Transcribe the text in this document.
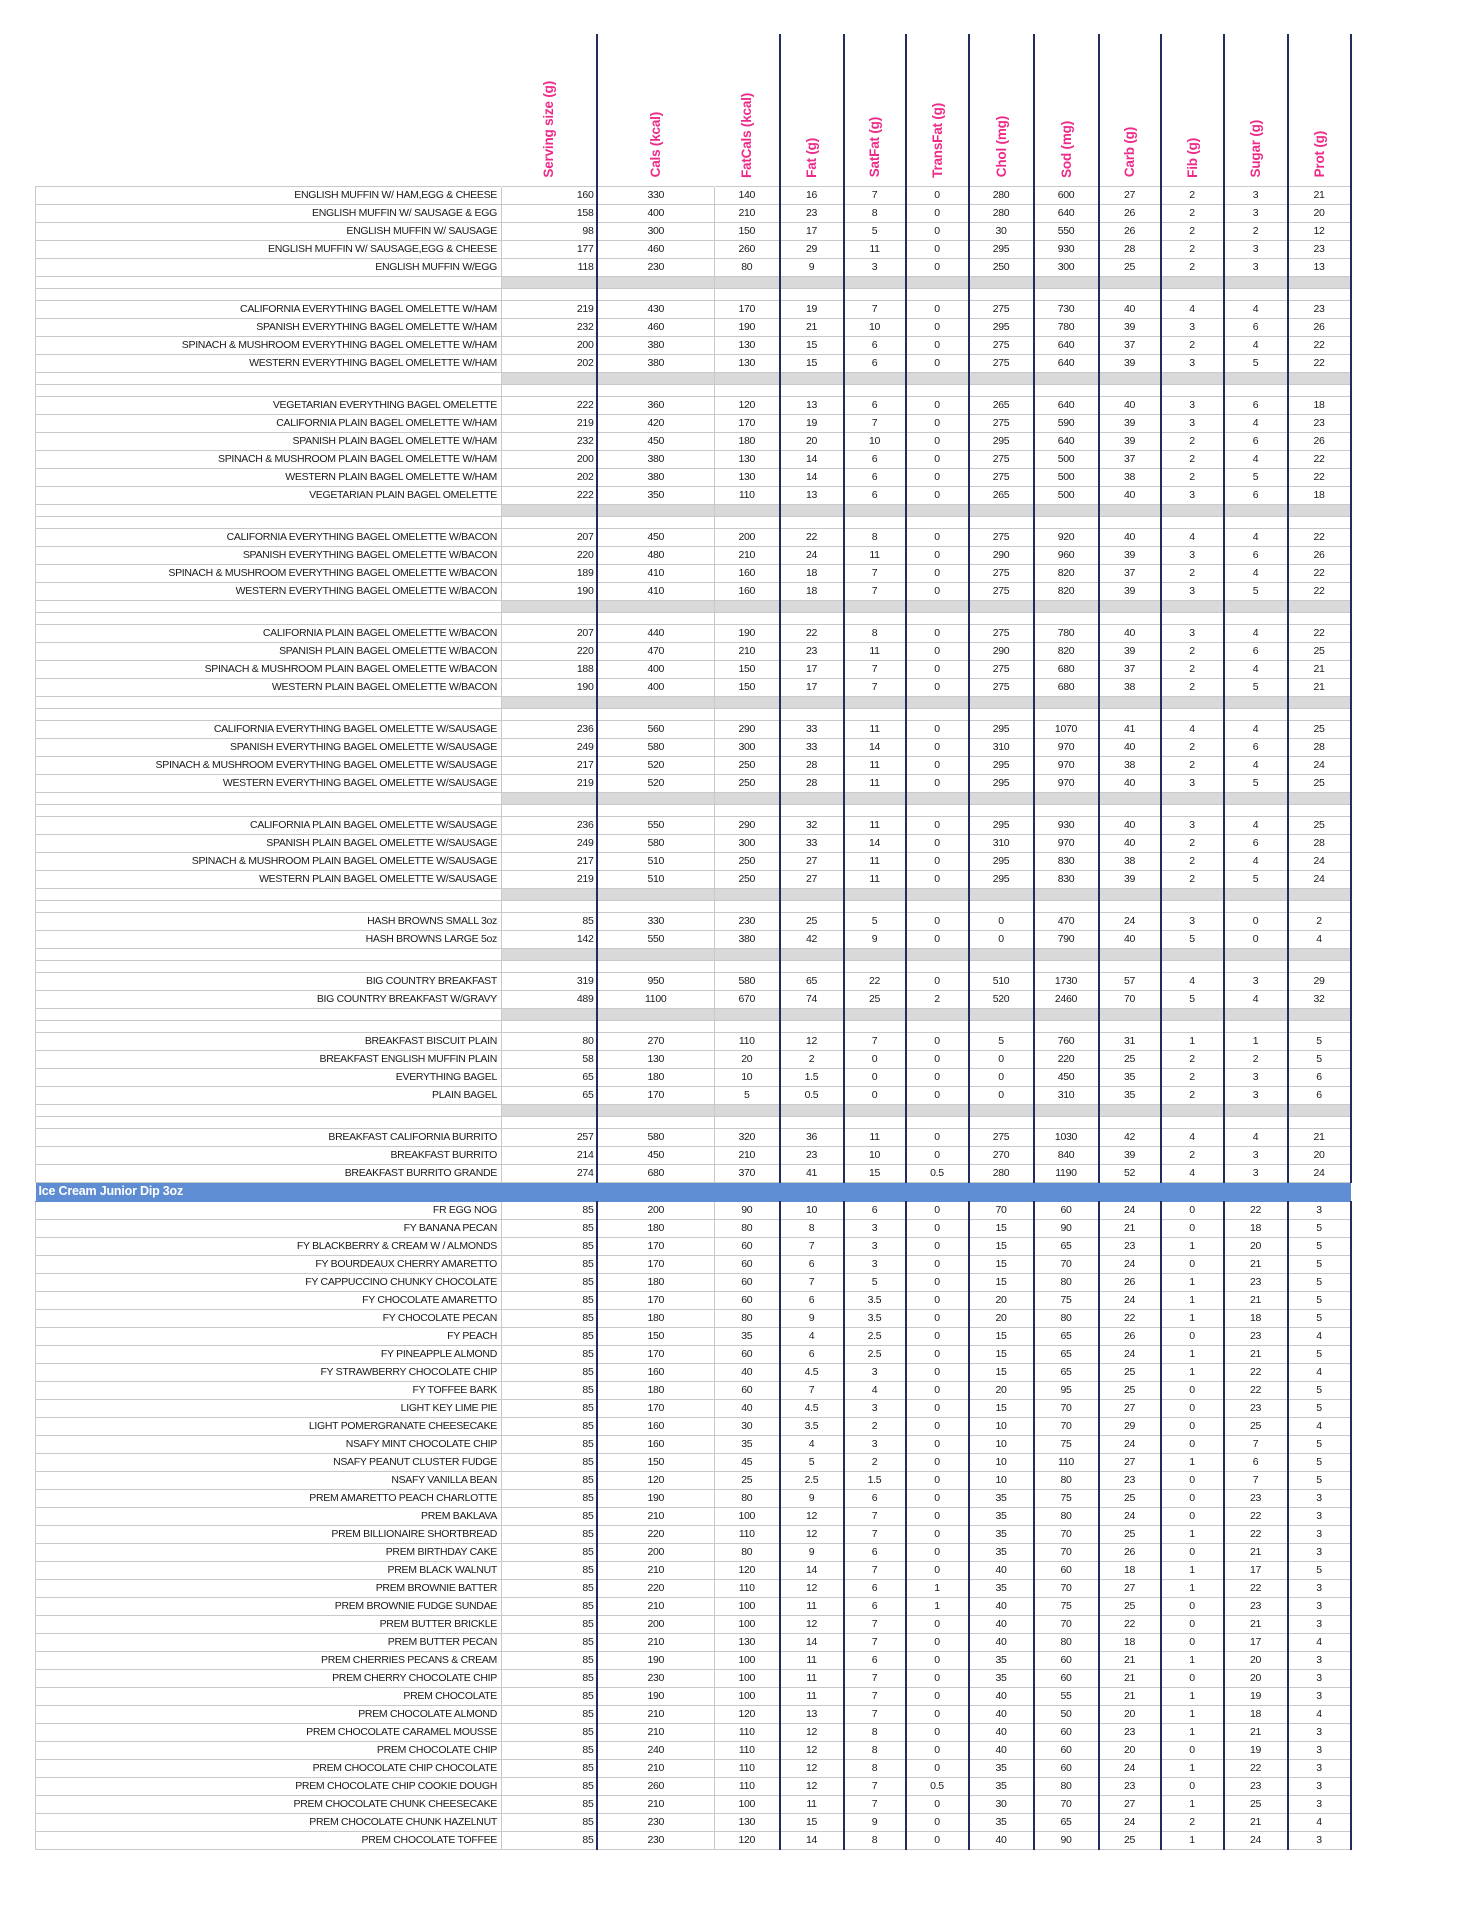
	Serving size (g)	Cals (kcal)	FatCals (kcal)	Fat (g)	SatFat (g)	TransFat (g)	Chol (mg)	Sod (mg)	Carb (g)	Fib (g)	Sugar (g)	Prot (g)
ENGLISH MUFFIN W/ HAM,EGG & CHEESE	160	330	140	16	7	0	280	600	27	2	3	21
ENGLISH MUFFIN W/ SAUSAGE & EGG	158	400	210	23	8	0	280	640	26	2	3	20
ENGLISH MUFFIN W/ SAUSAGE	98	300	150	17	5	0	30	550	26	2	2	12
ENGLISH MUFFIN W/ SAUSAGE,EGG & CHEESE	177	460	260	29	11	0	295	930	28	2	3	23
ENGLISH MUFFIN W/EGG	118	230	80	9	3	0	250	300	25	2	3	13

CALIFORNIA EVERYTHING BAGEL OMELETTE W/HAM	219	430	170	19	7	0	275	730	40	4	4	23
SPANISH EVERYTHING BAGEL OMELETTE W/HAM	232	460	190	21	10	0	295	780	39	3	6	26
SPINACH & MUSHROOM EVERYTHING BAGEL OMELETTE W/HAM	200	380	130	15	6	0	275	640	37	2	4	22
WESTERN EVERYTHING BAGEL OMELETTE W/HAM	202	380	130	15	6	0	275	640	39	3	5	22

VEGETARIAN EVERYTHING BAGEL OMELETTE	222	360	120	13	6	0	265	640	40	3	6	18
CALIFORNIA PLAIN BAGEL OMELETTE W/HAM	219	420	170	19	7	0	275	590	39	3	4	23
SPANISH PLAIN BAGEL OMELETTE W/HAM	232	450	180	20	10	0	295	640	39	2	6	26
SPINACH & MUSHROOM PLAIN BAGEL OMELETTE W/HAM	200	380	130	14	6	0	275	500	37	2	4	22
WESTERN PLAIN BAGEL OMELETTE W/HAM	202	380	130	14	6	0	275	500	38	2	5	22
VEGETARIAN PLAIN BAGEL OMELETTE	222	350	110	13	6	0	265	500	40	3	6	18

CALIFORNIA EVERYTHING BAGEL OMELETTE W/BACON	207	450	200	22	8	0	275	920	40	4	4	22
SPANISH EVERYTHING BAGEL OMELETTE W/BACON	220	480	210	24	11	0	290	960	39	3	6	26
SPINACH & MUSHROOM EVERYTHING BAGEL OMELETTE W/BACON	189	410	160	18	7	0	275	820	37	2	4	22
WESTERN EVERYTHING BAGEL OMELETTE W/BACON	190	410	160	18	7	0	275	820	39	3	5	22

CALIFORNIA PLAIN BAGEL OMELETTE W/BACON	207	440	190	22	8	0	275	780	40	3	4	22
SPANISH PLAIN BAGEL OMELETTE W/BACON	220	470	210	23	11	0	290	820	39	2	6	25
SPINACH & MUSHROOM PLAIN BAGEL OMELETTE W/BACON	188	400	150	17	7	0	275	680	37	2	4	21
WESTERN PLAIN BAGEL OMELETTE W/BACON	190	400	150	17	7	0	275	680	38	2	5	21

CALIFORNIA EVERYTHING BAGEL OMELETTE W/SAUSAGE	236	560	290	33	11	0	295	1070	41	4	4	25
SPANISH EVERYTHING BAGEL OMELETTE W/SAUSAGE	249	580	300	33	14	0	310	970	40	2	6	28
SPINACH & MUSHROOM EVERYTHING BAGEL OMELETTE W/SAUSAGE	217	520	250	28	11	0	295	970	38	2	4	24
WESTERN EVERYTHING BAGEL OMELETTE W/SAUSAGE	219	520	250	28	11	0	295	970	40	3	5	25

CALIFORNIA PLAIN BAGEL OMELETTE W/SAUSAGE	236	550	290	32	11	0	295	930	40	3	4	25
SPANISH PLAIN BAGEL OMELETTE W/SAUSAGE	249	580	300	33	14	0	310	970	40	2	6	28
SPINACH & MUSHROOM PLAIN BAGEL OMELETTE W/SAUSAGE	217	510	250	27	11	0	295	830	38	2	4	24
WESTERN PLAIN BAGEL OMELETTE W/SAUSAGE	219	510	250	27	11	0	295	830	39	2	5	24

HASH BROWNS SMALL 3oz	85	330	230	25	5	0	0	470	24	3	0	2
HASH BROWNS LARGE 5oz	142	550	380	42	9	0	0	790	40	5	0	4

BIG COUNTRY BREAKFAST	319	950	580	65	22	0	510	1730	57	4	3	29
BIG COUNTRY BREAKFAST W/GRAVY	489	1100	670	74	25	2	520	2460	70	5	4	32

BREAKFAST BISCUIT PLAIN	80	270	110	12	7	0	5	760	31	1	1	5
BREAKFAST ENGLISH MUFFIN PLAIN	58	130	20	2	0	0	0	220	25	2	2	5
EVERYTHING BAGEL	65	180	10	1.5	0	0	0	450	35	2	3	6
PLAIN BAGEL	65	170	5	0.5	0	0	0	310	35	2	3	6

BREAKFAST CALIFORNIA BURRITO	257	580	320	36	11	0	275	1030	42	4	4	21
BREAKFAST BURRITO	214	450	210	23	10	0	270	840	39	2	3	20
BREAKFAST BURRITO GRANDE	274	680	370	41	15	0.5	280	1190	52	4	3	24
Ice Cream Junior Dip 3oz												
FR EGG NOG	85	200	90	10	6	0	70	60	24	0	22	3
FY BANANA PECAN	85	180	80	8	3	0	15	90	21	0	18	5
FY BLACKBERRY & CREAM W / ALMONDS	85	170	60	7	3	0	15	65	23	1	20	5
FY BOURDEAUX CHERRY AMARETTO	85	170	60	6	3	0	15	70	24	0	21	5
FY CAPPUCCINO CHUNKY CHOCOLATE	85	180	60	7	5	0	15	80	26	1	23	5
FY CHOCOLATE AMARETTO	85	170	60	6	3.5	0	20	75	24	1	21	5
FY CHOCOLATE PECAN	85	180	80	9	3.5	0	20	80	22	1	18	5
FY PEACH	85	150	35	4	2.5	0	15	65	26	0	23	4
FY PINEAPPLE ALMOND	85	170	60	6	2.5	0	15	65	24	1	21	5
FY STRAWBERRY CHOCOLATE CHIP	85	160	40	4.5	3	0	15	65	25	1	22	4
FY TOFFEE BARK	85	180	60	7	4	0	20	95	25	0	22	5
LIGHT KEY LIME PIE	85	170	40	4.5	3	0	15	70	27	0	23	5
LIGHT POMERGRANATE CHEESECAKE	85	160	30	3.5	2	0	10	70	29	0	25	4
NSAFY MINT CHOCOLATE CHIP	85	160	35	4	3	0	10	75	24	0	7	5
NSAFY PEANUT CLUSTER FUDGE	85	150	45	5	2	0	10	110	27	1	6	5
NSAFY VANILLA BEAN	85	120	25	2.5	1.5	0	10	80	23	0	7	5
PREM AMARETTO PEACH CHARLOTTE	85	190	80	9	6	0	35	75	25	0	23	3
PREM BAKLAVA	85	210	100	12	7	0	35	80	24	0	22	3
PREM BILLIONAIRE SHORTBREAD	85	220	110	12	7	0	35	70	25	1	22	3
PREM BIRTHDAY CAKE	85	200	80	9	6	0	35	70	26	0	21	3
PREM BLACK WALNUT	85	210	120	14	7	0	40	60	18	1	17	5
PREM BROWNIE BATTER	85	220	110	12	6	1	35	70	27	1	22	3
PREM BROWNIE FUDGE SUNDAE	85	210	100	11	6	1	40	75	25	0	23	3
PREM BUTTER BRICKLE	85	200	100	12	7	0	40	70	22	0	21	3
PREM BUTTER PECAN	85	210	130	14	7	0	40	80	18	0	17	4
PREM CHERRIES PECANS & CREAM	85	190	100	11	6	0	35	60	21	1	20	3
PREM CHERRY CHOCOLATE CHIP	85	230	100	11	7	0	35	60	21	0	20	3
PREM CHOCOLATE	85	190	100	11	7	0	40	55	21	1	19	3
PREM CHOCOLATE ALMOND	85	210	120	13	7	0	40	50	20	1	18	4
PREM CHOCOLATE CARAMEL MOUSSE	85	210	110	12	8	0	40	60	23	1	21	3
PREM CHOCOLATE CHIP	85	240	110	12	8	0	40	60	20	0	19	3
PREM CHOCOLATE CHIP CHOCOLATE	85	210	110	12	8	0	35	60	24	1	22	3
PREM CHOCOLATE CHIP COOKIE DOUGH	85	260	110	12	7	0.5	35	80	23	0	23	3
PREM CHOCOLATE CHUNK CHEESECAKE	85	210	100	11	7	0	30	70	27	1	25	3
PREM CHOCOLATE CHUNK HAZELNUT	85	230	130	15	9	0	35	65	24	2	21	4
PREM CHOCOLATE TOFFEE	85	230	120	14	8	0	40	90	25	1	24	3
